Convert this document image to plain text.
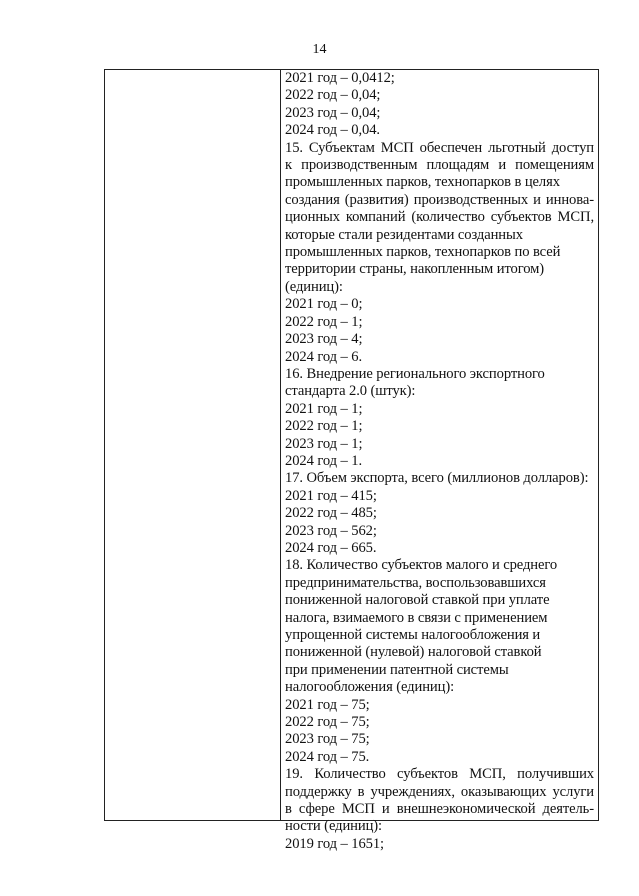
14
2021 год – 0,0412;
2022 год – 0,04;
2023 год – 0,04;
2024 год – 0,04.
15. Субъектам МСП обеспечен льготный доступ
к производственным площадям и помещениям
промышленных парков, технопарков в целях
создания (развития) производственных и иннова-
ционных компаний (количество субъектов МСП,
которые стали резидентами созданных
промышленных парков, технопарков по всей
территории страны, накопленным итогом)
(единиц):
2021 год – 0;
2022 год – 1;
2023 год – 4;
2024 год – 6.
16. Внедрение регионального экспортного
стандарта 2.0 (штук):
2021 год – 1;
2022 год – 1;
2023 год – 1;
2024 год – 1.
17. Объем экспорта, всего (миллионов долларов):
2021 год – 415;
2022 год – 485;
2023 год – 562;
2024 год – 665.
18. Количество субъектов малого и среднего
предпринимательства, воспользовавшихся
пониженной налоговой ставкой при уплате
налога, взимаемого в связи с применением
упрощенной системы налогообложения и
пониженной (нулевой) налоговой ставкой
при применении патентной системы
налогообложения (единиц):
2021 год – 75;
2022 год – 75;
2023 год – 75;
2024 год – 75.
19. Количество субъектов МСП, получивших
поддержку в учреждениях, оказывающих услуги
в сфере МСП и внешнеэкономической деятель-
ности (единиц):
2019 год – 1651;
